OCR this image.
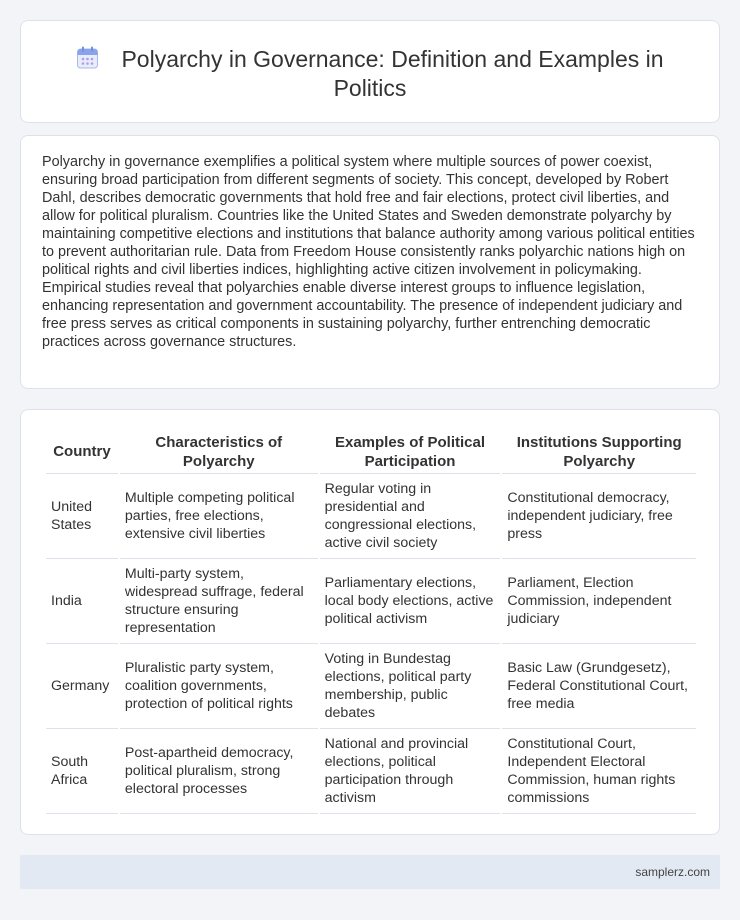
Polyarchy in Governance: Definition and Examples in Politics

Polyarchy in governance exemplifies a political system where multiple sources of power coexist, ensuring broad participation from different segments of society. This concept, developed by Robert Dahl, describes democratic governments that hold free and fair elections, protect civil liberties, and allow for political pluralism. Countries like the United States and Sweden demonstrate polyarchy by maintaining competitive elections and institutions that balance authority among various political entities to prevent authoritarian rule. Data from Freedom House consistently ranks polyarchic nations high on political rights and civil liberties indices, highlighting active citizen involvement in policymaking. Empirical studies reveal that polyarchies enable diverse interest groups to influence legislation, enhancing representation and government accountability. The presence of independent judiciary and free press serves as critical components in sustaining polyarchy, further entrenching democratic practices across governance structures.

Country	Characteristics of Polyarchy	Examples of Political Participation	Institutions Supporting Polyarchy
United States	Multiple competing political parties, free elections, extensive civil liberties	Regular voting in presidential and congressional elections, active civil society	Constitutional democracy, independent judiciary, free press
India	Multi-party system, widespread suffrage, federal structure ensuring representation	Parliamentary elections, local body elections, active political activism	Parliament, Election Commission, independent judiciary
Germany	Pluralistic party system, coalition governments, protection of political rights	Voting in Bundestag elections, political party membership, public debates	Basic Law (Grundgesetz), Federal Constitutional Court, free media
South Africa	Post-apartheid democracy, political pluralism, strong electoral processes	National and provincial elections, political participation through activism	Constitutional Court, Independent Electoral Commission, human rights commissions
samplerz.com
